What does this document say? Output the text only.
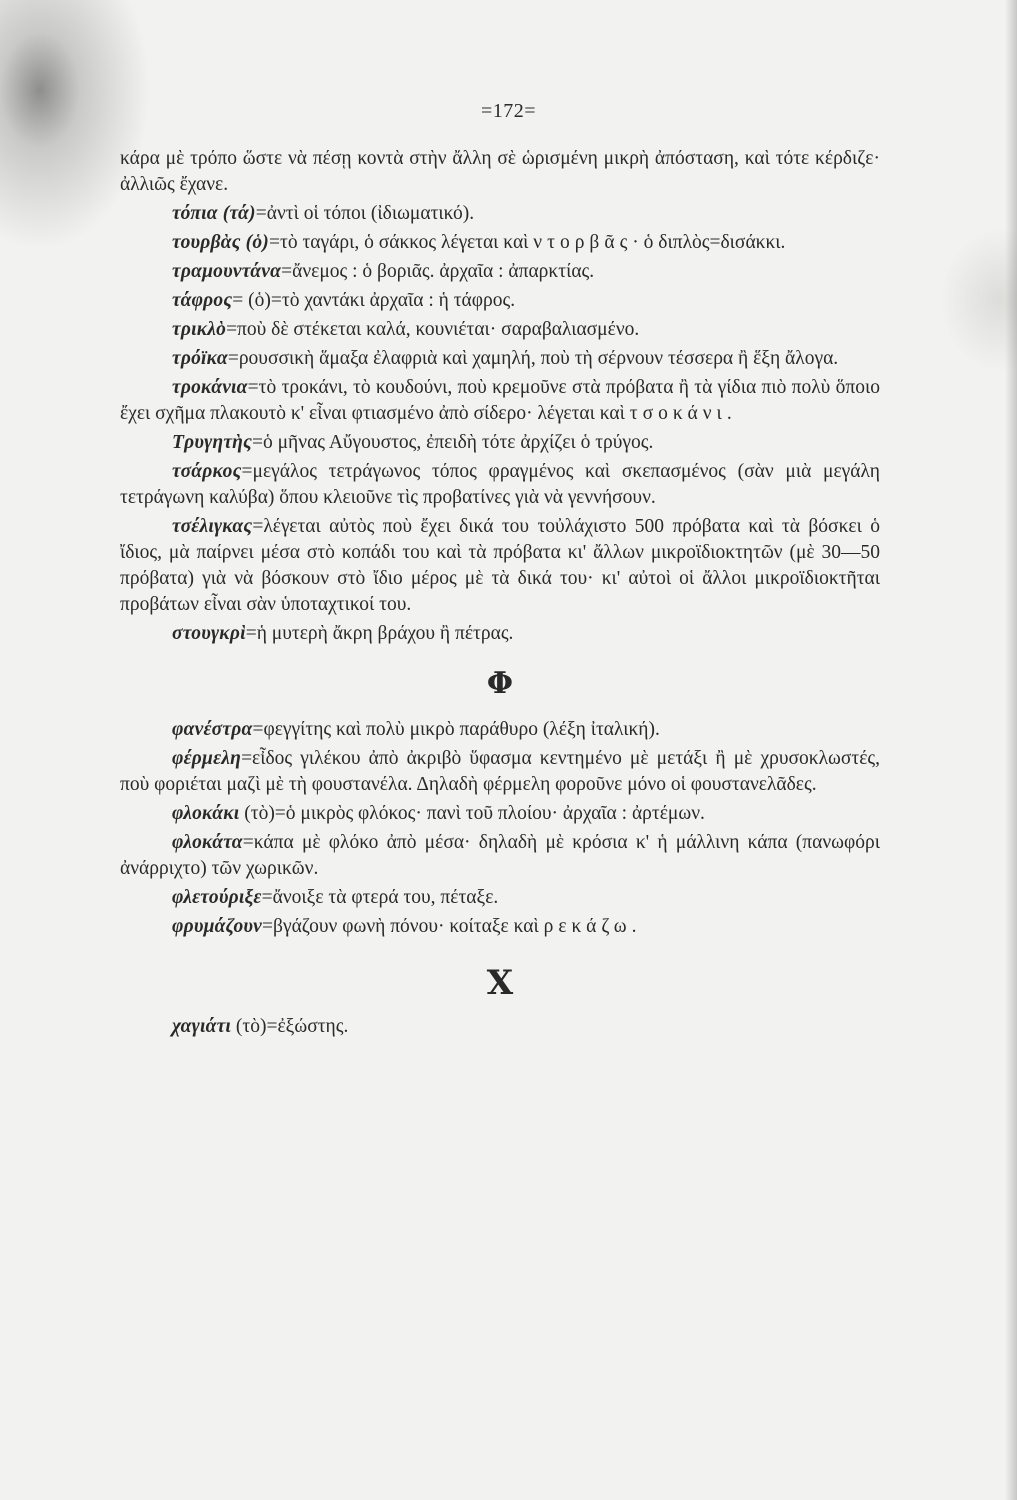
=172=

κάρα μὲ τρόπο ὥστε νὰ πέσῃ κοντὰ στὴν ἄλλη σὲ ὡρισμένη μικρὴ ἀπόσταση, καὶ τότε κέρδιζε· ἀλλιῶς ἔχανε.

τόπια (τά)=ἀντὶ οἱ τόποι (ἰδιωματικό).

τουρβὰς (ὁ)=τὸ ταγάρι, ὁ σάκκος λέγεται καὶ ντορβᾶς· ὁ διπλὸς=δισάκκι.

τραμουντάνα=ἄνεμος : ὁ βοριᾶς. ἀρχαῖα : ἀπαρκτίας.

τάφρος= (ὁ)=τὸ χαντάκι ἀρχαῖα : ἡ τάφρος.

τρικλὸ=ποὺ δὲ στέκεται καλά, κουνιέται· σαραβαλιασμένο.

τρόϊκα=ρουσσικὴ ἅμαξα ἐλαφριὰ καὶ χαμηλή, ποὺ τὴ σέρνουν τέσσερα ἢ ἕξη ἄλογα.

τροκάνια=τὸ τροκάνι, τὸ κουδούνι, ποὺ κρεμοῦνε στὰ πρόβατα ἢ τὰ γίδια πιὸ πολὺ ὅποιο ἔχει σχῆμα πλακουτὸ κ' εἶναι φτιασμένο ἀπὸ σίδερο· λέγεται καὶ τσοκάνι.

Τρυγητὴς=ὁ μῆνας Αὔγουστος, ἐπειδὴ τότε ἀρχίζει ὁ τρύγος.

τσάρκος=μεγάλος τετράγωνος τόπος φραγμένος καὶ σκεπασμένος (σὰν μιὰ μεγάλη τετράγωνη καλύβα) ὅπου κλειοῦνε τὶς προβατίνες γιὰ νὰ γεννήσουν.

τσέλιγκας=λέγεται αὐτὸς ποὺ ἔχει δικά του τοὐλάχιστο 500 πρόβατα καὶ τὰ βόσκει ὁ ἴδιος, μὰ παίρνει μέσα στὸ κοπάδι του καὶ τὰ πρόβατα κι' ἄλλων μικροϊδιοκτητῶν (μὲ 30—50 πρόβατα) γιὰ νὰ βόσκουν στὸ ἴδιο μέρος μὲ τὰ δικά του· κι' αὐτοὶ οἱ ἄλλοι μικροϊδιοκτῆται προβάτων εἶναι σὰν ὑποταχτικοί του.

στουγκρὶ=ἡ μυτερὴ ἄκρη βράχου ἢ πέτρας.

Φ

φανέστρα=φεγγίτης καὶ πολὺ μικρὸ παράθυρο (λέξη ἰταλική).

φέρμελη=εἶδος γιλέκου ἀπὸ ἀκριβὸ ὕφασμα κεντημένο μὲ μετάξι ἢ μὲ χρυσοκλωστές, ποὺ φοριέται μαζὶ μὲ τὴ φουστανέλα. Δηλαδὴ φέρμελη φοροῦνε μόνο οἱ φουστανελᾶδες.

φλοκάκι (τὸ)=ὁ μικρὸς φλόκος· πανὶ τοῦ πλοίου· ἀρχαῖα : ἀρτέμων.

φλοκάτα=κάπα μὲ φλόκο ἀπὸ μέσα· δηλαδὴ μὲ κρόσια κ' ἡ μάλλινη κάπα (πανωφόρι ἀνάρριχτο) τῶν χωρικῶν.

φλετούριξε=ἄνοιξε τὰ φτερά του, πέταξε.

φρυμάζουν=βγάζουν φωνὴ πόνου· κοίταξε καὶ ρεκάζω.

Χ

χαγιάτι (τὸ)=ἐξώστης.
